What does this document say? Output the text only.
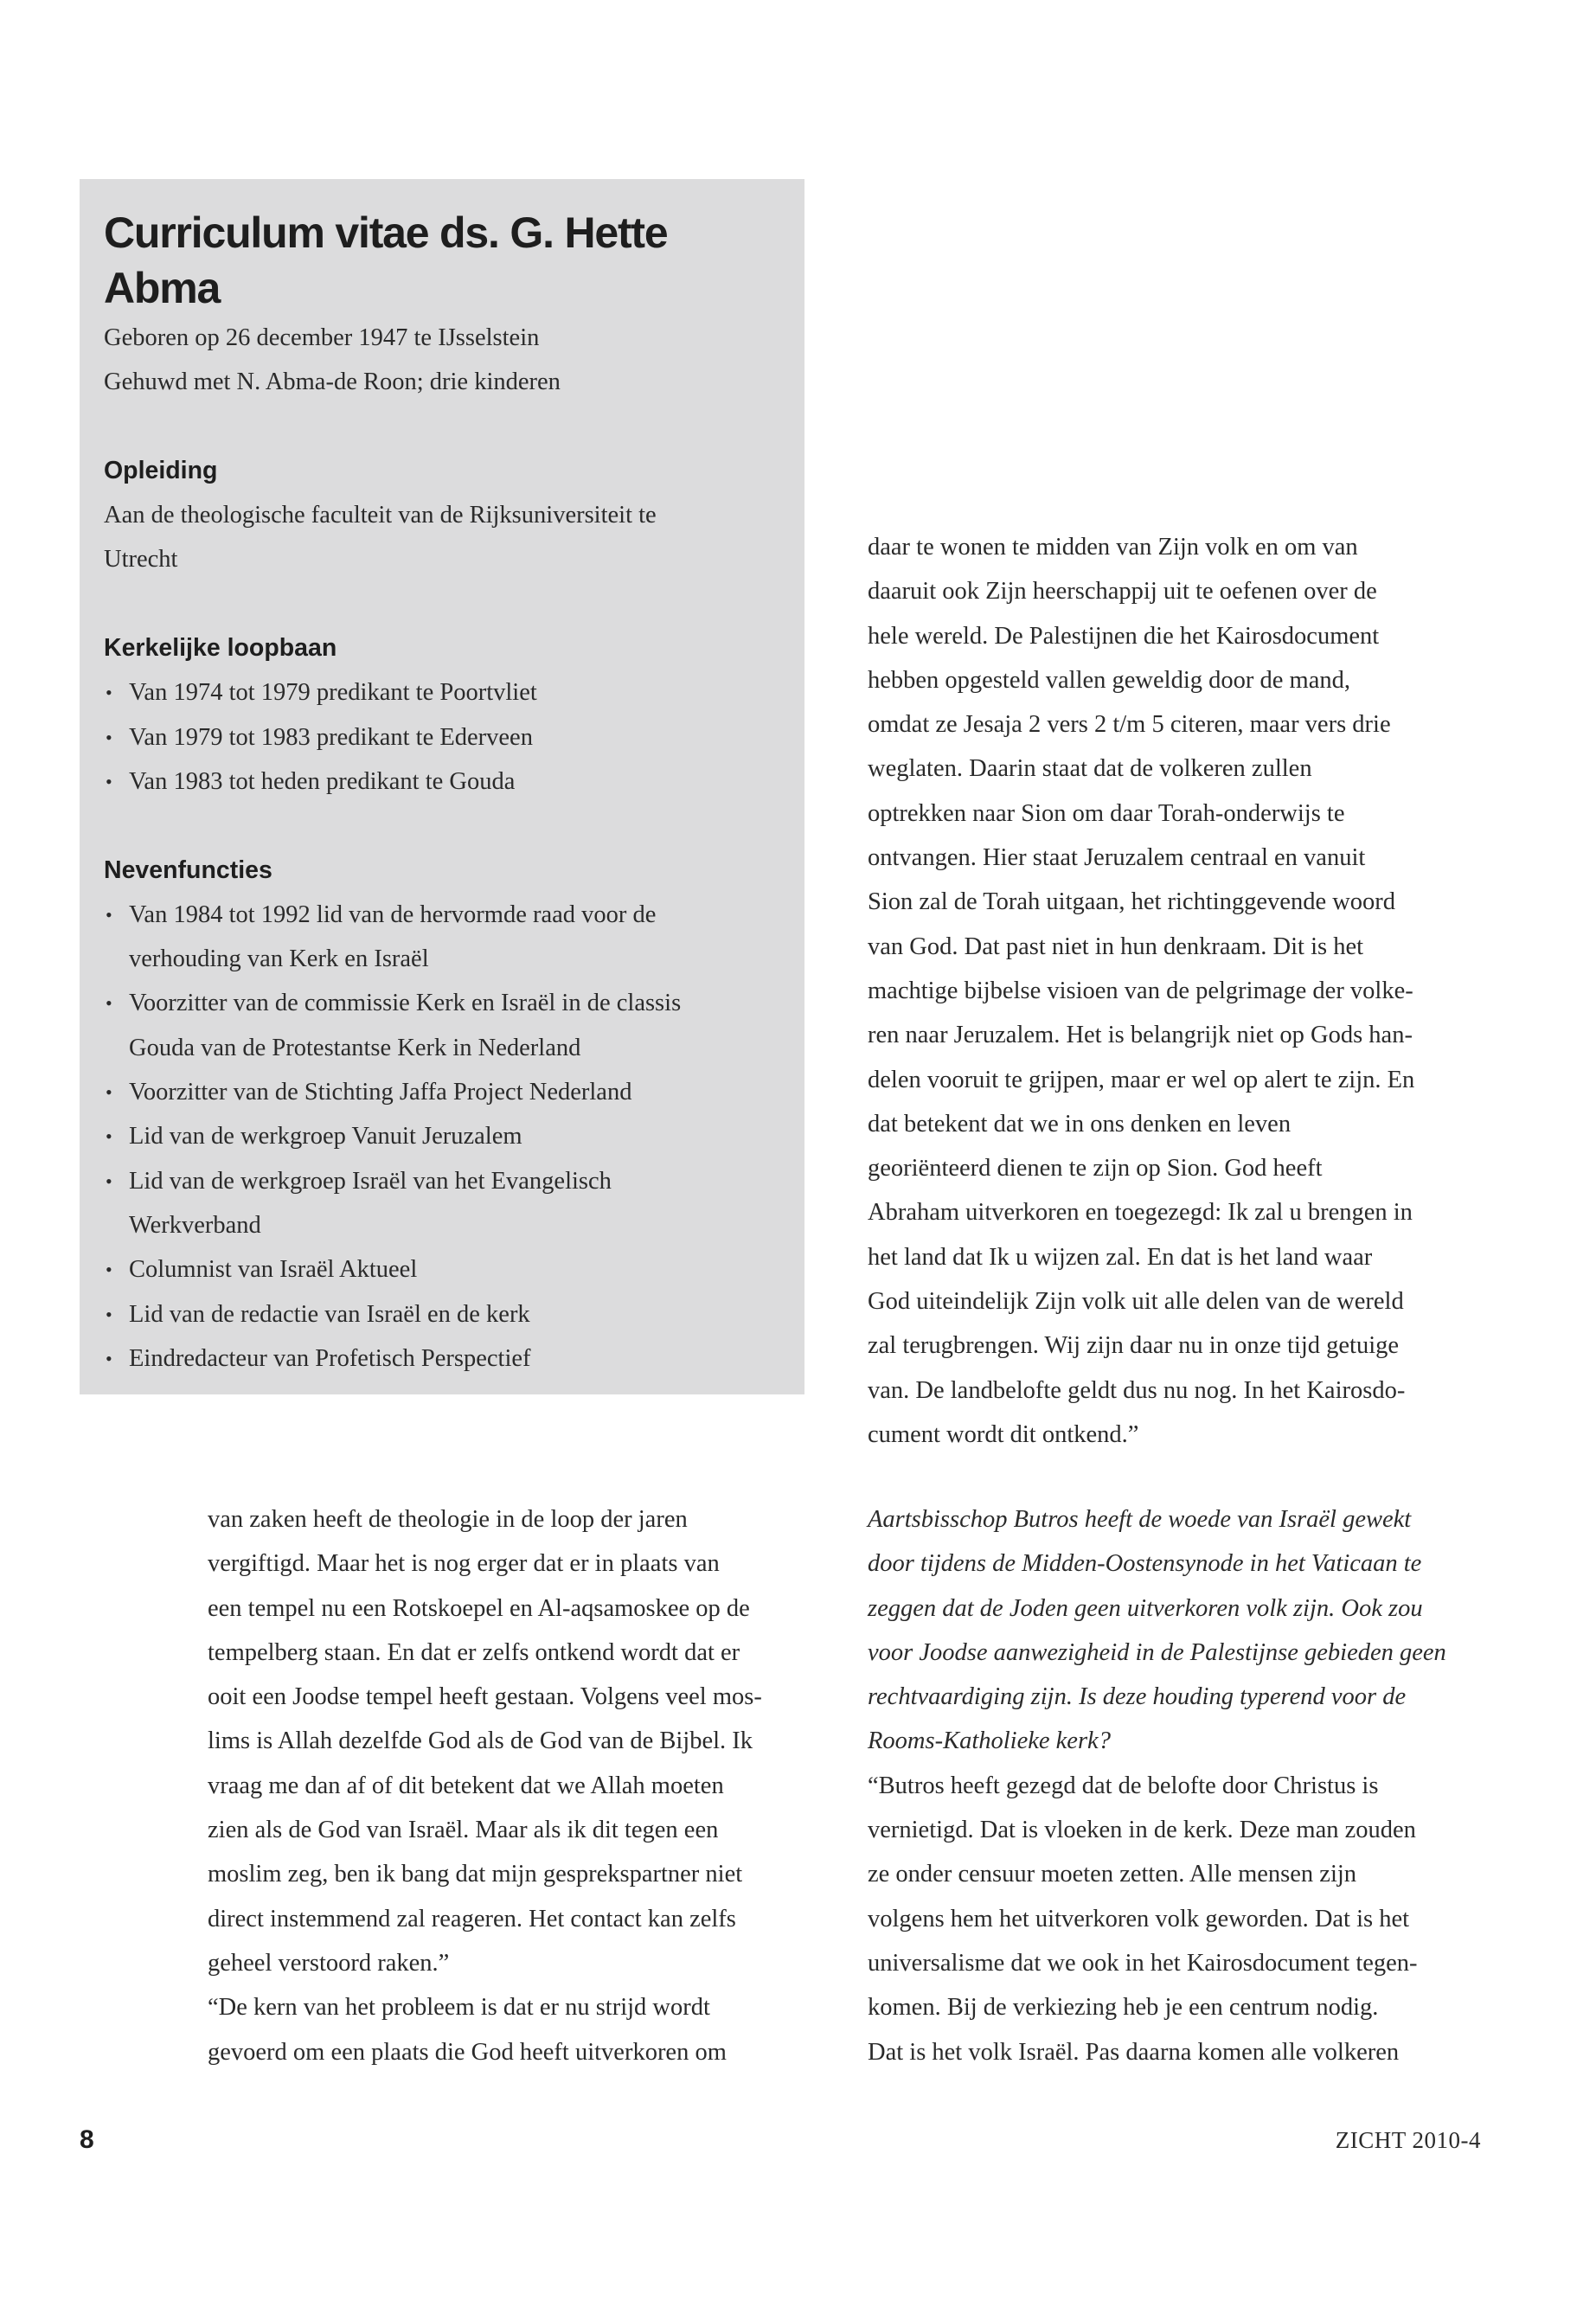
Curriculum vitae ds. G. Hette Abma

Geboren op 26 december 1947 te IJsselstein

Gehuwd met N. Abma-de Roon; drie kinderen

Opleiding

Aan de theologische faculteit van de Rijksuniversiteit te

Utrecht

Kerkelijke loopbaan

• Van 1974 tot 1979 predikant te Poortvliet
• Van 1979 tot 1983 predikant te Ederveen
• Van 1983 tot heden predikant te Gouda

Nevenfuncties

• Van 1984 tot 1992 lid van de hervormde raad voor de
verhouding van Kerk en Israël
• Voorzitter van de commissie Kerk en Israël in de classis
Gouda van de Protestantse Kerk in Nederland
• Voorzitter van de Stichting Jaffa Project Nederland
• Lid van de werkgroep Vanuit Jeruzalem
• Lid van de werkgroep Israël van het Evangelisch
Werkverband
• Columnist van Israël Aktueel
• Lid van de redactie van Israël en de kerk
• Eindredacteur van Profetisch Perspectief

daar te wonen te midden van Zijn volk en om van

daaruit ook Zijn heerschappij uit te oefenen over de

hele wereld. De Palestijnen die het Kairosdocument

hebben opgesteld vallen geweldig door de mand,

omdat ze Jesaja 2 vers 2 t/m 5 citeren, maar vers drie

weglaten. Daarin staat dat de volkeren zullen

optrekken naar Sion om daar Torah-onderwijs te

ontvangen. Hier staat Jeruzalem centraal en vanuit

Sion zal de Torah uitgaan, het richtinggevende woord

van God. Dat past niet in hun denkraam. Dit is het

machtige bijbelse visioen van de pelgrimage der volke-

ren naar Jeruzalem. Het is belangrijk niet op Gods han-

delen vooruit te grijpen, maar er wel op alert te zijn. En

dat betekent dat we in ons denken en leven

georiënteerd dienen te zijn op Sion. God heeft

Abraham uitverkoren en toegezegd: Ik zal u brengen in

het land dat Ik u wijzen zal. En dat is het land waar

God uiteindelijk Zijn volk uit alle delen van de wereld

zal terugbrengen. Wij zijn daar nu in onze tijd getuige

van. De landbelofte geldt dus nu nog. In het Kairosdo-

cument wordt dit ontkend.”

van zaken heeft de theologie in de loop der jaren

vergiftigd. Maar het is nog erger dat er in plaats van

een tempel nu een Rotskoepel en Al-aqsamoskee op de

tempelberg staan. En dat er zelfs ontkend wordt dat er

ooit een Joodse tempel heeft gestaan. Volgens veel mos-

lims is Allah dezelfde God als de God van de Bijbel. Ik

vraag me dan af of dit betekent dat we Allah moeten

zien als de God van Israël. Maar als ik dit tegen een

moslim zeg, ben ik bang dat mijn gesprekspartner niet

direct instemmend zal reageren. Het contact kan zelfs

geheel verstoord raken.”

“De kern van het probleem is dat er nu strijd wordt

gevoerd om een plaats die God heeft uitverkoren om

Aartsbisschop Butros heeft de woede van Israël gewekt

door tijdens de Midden-Oostensynode in het Vaticaan te

zeggen dat de Joden geen uitverkoren volk zijn. Ook zou

voor Joodse aanwezigheid in de Palestijnse gebieden geen

rechtvaardiging zijn. Is deze houding typerend voor de

Rooms-Katholieke kerk?

“Butros heeft gezegd dat de belofte door Christus is

vernietigd. Dat is vloeken in de kerk. Deze man zouden

ze onder censuur moeten zetten. Alle mensen zijn

volgens hem het uitverkoren volk geworden. Dat is het

universalisme dat we ook in het Kairosdocument tegen-

komen. Bij de verkiezing heb je een centrum nodig.

Dat is het volk Israël. Pas daarna komen alle volkeren

8	ZICHT 2010-4
